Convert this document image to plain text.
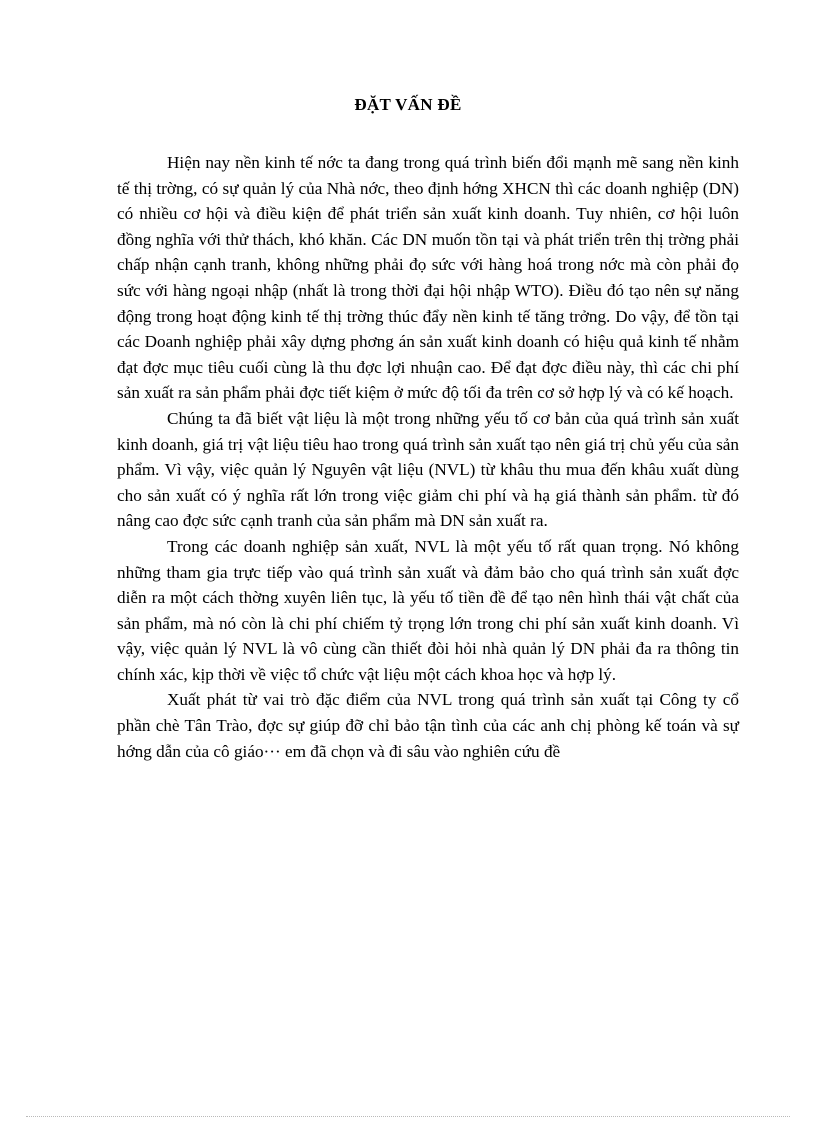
ĐẶT VẤN ĐỀ

Hiện nay nền kinh tế nớc ta đang trong quá trình biến đổi mạnh mẽ sang nền kinh tế thị trờng, có sự quản lý của Nhà nớc, theo định hớng XHCN thì các doanh nghiệp (DN) có nhiều cơ hội và điều kiện để phát triển sản xuất kinh doanh. Tuy nhiên, cơ hội luôn đồng nghĩa với thử thách, khó khăn. Các DN muốn tồn tại và phát triển trên thị trờng phải chấp nhận cạnh tranh, không những phải đọ sức với hàng hoá trong nớc mà còn phải đọ sức với hàng ngoại nhập (nhất là trong thời đại hội nhập WTO). Điều đó tạo nên sự năng động trong hoạt động kinh tế thị trờng thúc đẩy nền kinh tế tăng trởng. Do vậy, để tồn tại các Doanh nghiệp phải xây dựng phơng án sản xuất kinh doanh có hiệu quả kinh tế nhằm đạt đợc mục tiêu cuối cùng là thu đợc lợi nhuận cao. Để đạt đợc điều này, thì các chi phí sản xuất ra sản phẩm phải đợc tiết kiệm ở mức độ tối đa trên cơ sở hợp lý và có kế hoạch.

Chúng ta đã biết vật liệu là một trong những yếu tố cơ bản của quá trình sản xuất kinh doanh, giá trị vật liệu tiêu hao trong quá trình sản xuất tạo nên giá trị chủ yếu của sản phẩm. Vì vậy, việc quản lý Nguyên vật liệu (NVL) từ khâu thu mua đến khâu xuất dùng cho sản xuất có ý nghĩa rất lớn trong việc giảm chi phí và hạ giá thành sản phẩm. từ đó nâng cao đợc sức cạnh tranh của sản phẩm mà DN sản xuất ra.

Trong các doanh nghiệp sản xuất, NVL là một yếu tố rất quan trọng. Nó không những tham gia trực tiếp vào quá trình sản xuất và đảm bảo cho quá trình sản xuất đợc diễn ra một cách thờng xuyên liên tục, là yếu tố tiền đề để tạo nên hình thái vật chất của sản phẩm, mà nó còn là chi phí chiếm tỷ trọng lớn trong chi phí sản xuất kinh doanh. Vì vậy, việc quản lý NVL là vô cùng cần thiết đòi hỏi nhà quản lý DN phải đa ra thông tin chính xác, kịp thời về việc tổ chức vật liệu một cách khoa học và hợp lý.

Xuất phát từ vai trò đặc điểm của NVL trong quá trình sản xuất tại Công ty cổ phần chè Tân Trào, đợc sự giúp đỡ chỉ bảo tận tình của các anh chị phòng kế toán và sự hớng dẫn của cô giáo··· em đã chọn và đi sâu vào nghiên cứu đề
